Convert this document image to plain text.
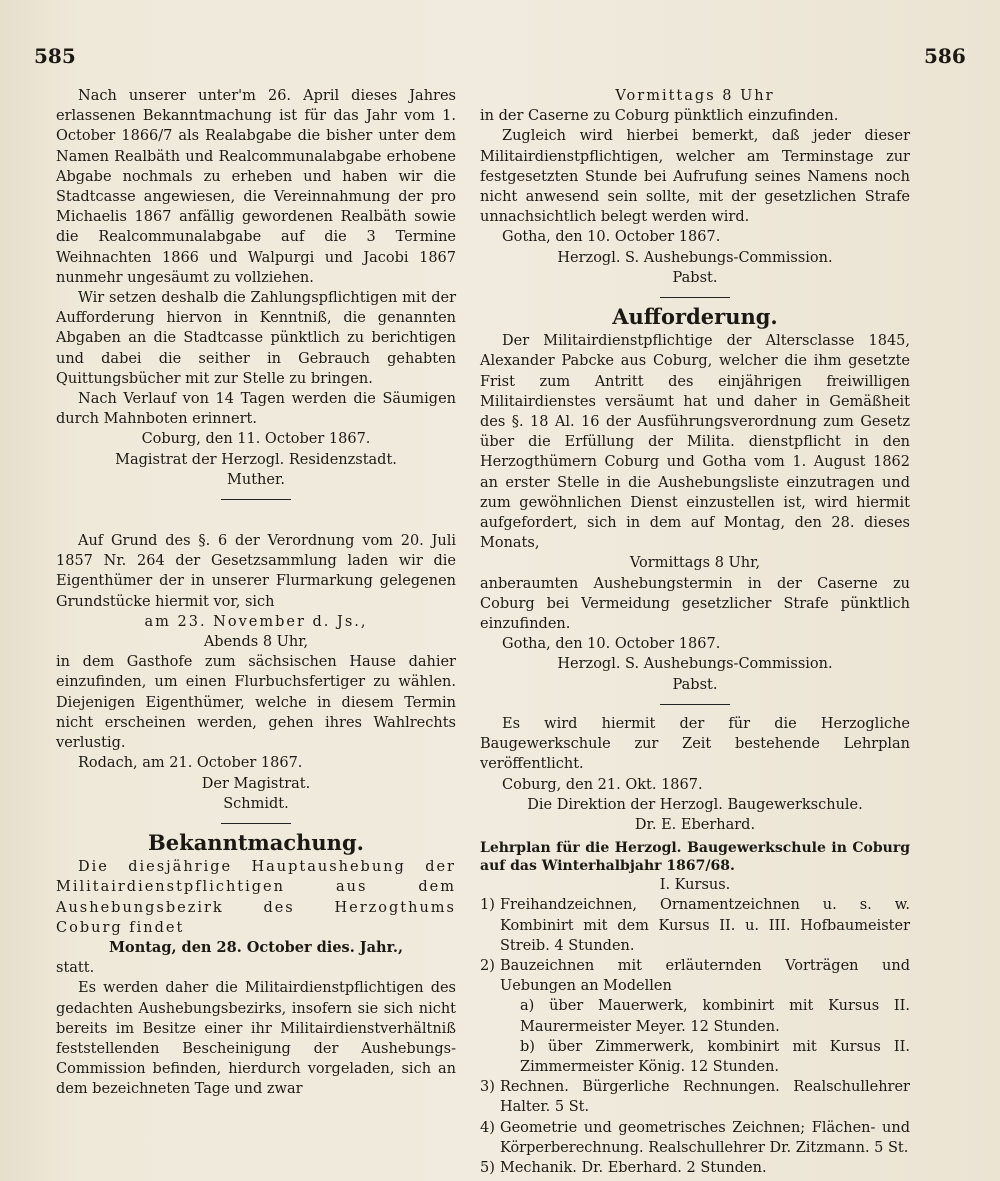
585	586

Nach unserer unter'm 26. April dieses Jahres erlassenen Bekanntmachung ist für das Jahr vom 1. October 1866/7 als Realabgabe die bisher unter dem Namen Realbäth und Realcommunalabgabe erhobene Abgabe nochmals zu erheben und haben wir die Stadtcasse angewiesen, die Vereinnahmung der pro Michaelis 1867 anfällig gewordenen Realbäth sowie die Realcommunalabgabe auf die 3 Termine Weihnachten 1866 und Walpurgi und Jacobi 1867 nunmehr ungesäumt zu vollziehen.

Wir setzen deshalb die Zahlungspflichtigen mit der Aufforderung hiervon in Kenntniß, die genannten Abgaben an die Stadtcasse pünktlich zu berichtigen und dabei die seither in Gebrauch gehabten Quittungsbücher mit zur Stelle zu bringen.

Nach Verlauf von 14 Tagen werden die Säumigen durch Mahnboten erinnert.

Coburg, den 11. October 1867.

Magistrat der Herzogl. Residenzstadt.

Muther.

Auf Grund des §. 6 der Verordnung vom 20. Juli 1857 Nr. 264 der Gesetzsammlung laden wir die Eigenthümer der in unserer Flurmarkung gelegenen Grundstücke hiermit vor, sich

am 23. November d. Js.,

Abends 8 Uhr,

in dem Gasthofe zum sächsischen Hause dahier einzufinden, um einen Flurbuchsfertiger zu wählen. Diejenigen Eigenthümer, welche in diesem Termin nicht erscheinen werden, gehen ihres Wahlrechts verlustig.

Rodach, am 21. October 1867.

Der Magistrat.

Schmidt.

Bekanntmachung.

Die diesjährige Hauptaushebung der Militairdienstpflichtigen aus dem Aushebungsbezirk des Herzogthums Coburg findet

Montag, den 28. October dies. Jahr.,

statt.

Es werden daher die Militairdienstpflichtigen des gedachten Aushebungsbezirks, insofern sie sich nicht bereits im Besitze einer ihr Militairdienstverhältniß feststellenden Bescheinigung der Aushebungs-Commission befinden, hierdurch vorgeladen, sich an dem bezeichneten Tage und zwar

Vormittags 8 Uhr

in der Caserne zu Coburg pünktlich einzufinden.

Zugleich wird hierbei bemerkt, daß jeder dieser Militairdienstpflichtigen, welcher am Terminstage zur festgesetzten Stunde bei Aufrufung seines Namens noch nicht anwesend sein sollte, mit der gesetzlichen Strafe unnachsichtlich belegt werden wird.

Gotha, den 10. October 1867.

Herzogl. S. Aushebungs-Commission.

Pabst.

Aufforderung.

Der Militairdienstpflichtige der Altersclasse 1845, Alexander Pabcke aus Coburg, welcher die ihm gesetzte Frist zum Antritt des einjährigen freiwilligen Militairdienstes versäumt hat und daher in Gemäßheit des §. 18 Al. 16 der Ausführungsverordnung zum Gesetz über die Erfüllung der Milita. dienstpflicht in den Herzogthümern Coburg und Gotha vom 1. August 1862 an erster Stelle in die Aushebungsliste einzutragen und zum gewöhnlichen Dienst einzustellen ist, wird hiermit aufgefordert, sich in dem auf Montag, den 28. dieses Monats,

Vormittags 8 Uhr,

anberaumten Aushebungstermin in der Caserne zu Coburg bei Vermeidung gesetzlicher Strafe pünktlich einzufinden.

Gotha, den 10. October 1867.

Herzogl. S. Aushebungs-Commission.

Pabst.

Es wird hiermit der für die Herzogliche Baugewerkschule zur Zeit bestehende Lehrplan veröffentlicht.

Coburg, den 21. Okt. 1867.

Die Direktion der Herzogl. Baugewerkschule.

Dr. E. Eberhard.

Lehrplan für die Herzogl. Baugewerkschule in Coburg auf das Winterhalbjahr 1867/68.

I. Kursus.

1) Freihandzeichnen, Ornamentzeichnen u. s. w. Kombinirt mit dem Kursus II. u. III. Hofbaumeister Streib. 4 Stunden.
2) Bauzeichnen mit erläuternden Vorträgen und Uebungen an Modellen
a) über Mauerwerk, kombinirt mit Kursus II. Maurermeister Meyer. 12 Stunden.
b) über Zimmerwerk, kombinirt mit Kursus II. Zimmermeister König. 12 Stunden.
3) Rechnen. Bürgerliche Rechnungen. Realschullehrer Halter. 5 St.
4) Geometrie und geometrisches Zeichnen; Flächen- und Körperberechnung. Realschullehrer Dr. Zitzmann. 5 St.
5) Mechanik. Dr. Eberhard. 2 Stunden.
